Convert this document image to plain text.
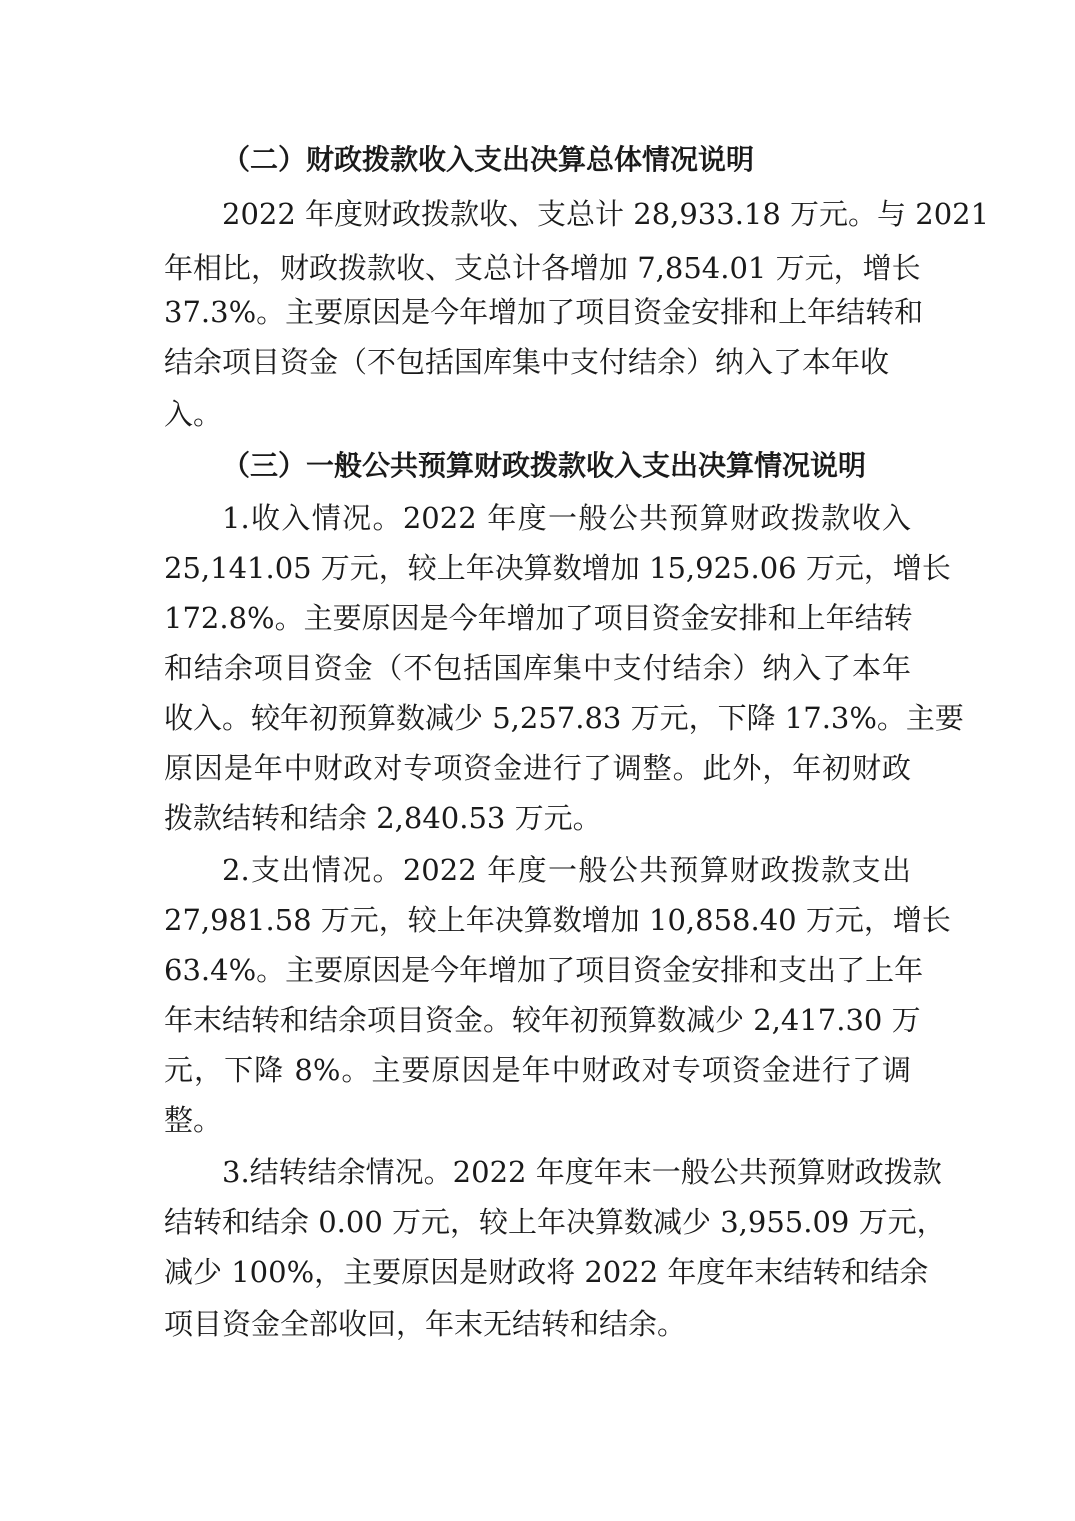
（二）财政拨款收入支出决算总体情况说明
2022 年度财政拨款收、支总计 28,933.18 万元。与 2021
年相比，财政拨款收、支总计各增加 7,854.01 万元，增长
37.3%。主要原因是今年增加了项目资金安排和上年结转和
结余项目资金（不包括国库集中支付结余）纳入了本年收
入。
（三）一般公共预算财政拨款收入支出决算情况说明
1.收入情况。2022 年度一般公共预算财政拨款收入
25,141.05 万元，较上年决算数增加 15,925.06 万元，增长
172.8%。主要原因是今年增加了项目资金安排和上年结转
和结余项目资金（不包括国库集中支付结余）纳入了本年
收入。较年初预算数减少 5,257.83 万元，下降 17.3%。主要
原因是年中财政对专项资金进行了调整。此外，年初财政
拨款结转和结余 2,840.53 万元。
2.支出情况。2022 年度一般公共预算财政拨款支出
27,981.58 万元，较上年决算数增加 10,858.40 万元，增长
63.4%。主要原因是今年增加了项目资金安排和支出了上年
年末结转和结余项目资金。较年初预算数减少 2,417.30 万
元，下降 8%。主要原因是年中财政对专项资金进行了调
整。
3.结转结余情况。2022 年度年末一般公共预算财政拨款
结转和结余 0.00 万元，较上年决算数减少 3,955.09 万元，
减少 100%，主要原因是财政将 2022 年度年末结转和结余
项目资金全部收回，年末无结转和结余。
